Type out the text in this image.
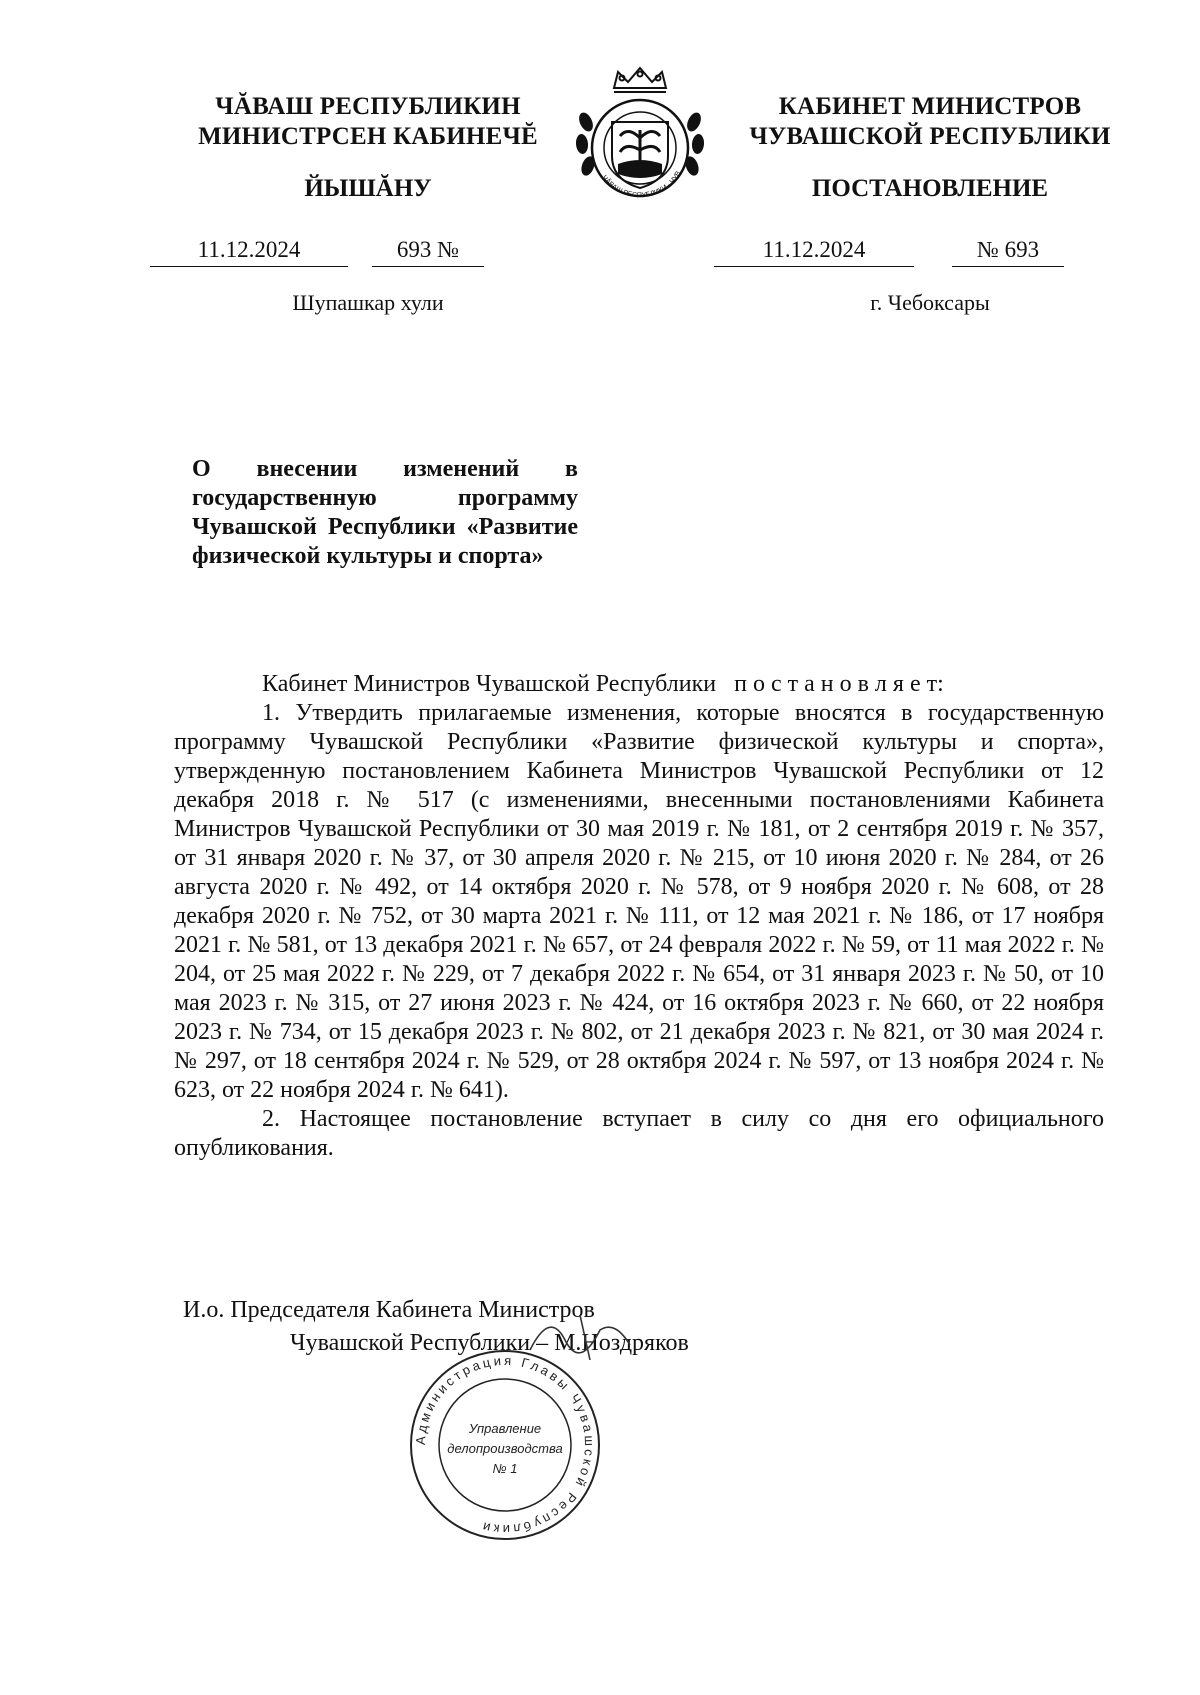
ЧĂВАШ РЕСПУБЛИКИН
МИНИСТРСЕН КАБИНЕЧĔ
ЙЫШĂНУ
11.12.2024	693 №
Шупашкар хули
ЧĂВАШ РЕСПУБЛИКИ · ЧУВ
КАБИНЕТ МИНИСТРОВ
ЧУВАШСКОЙ РЕСПУБЛИКИ
ПОСТАНОВЛЕНИЕ
11.12.2024	№ 693
г. Чебоксары
О внесении изменений в государственную программу Чувашской Республики «Развитие физической культуры и спорта»

Кабинет Министров Чувашской Республики п о с т а н о в л я е т:

1. Утвердить прилагаемые изменения, которые вносятся в государственную программу Чувашской Республики «Развитие физической культуры и спорта», утвержденную постановлением Кабинета Министров Чувашской Республики от 12 декабря 2018 г. № 517 (с изменениями, внесенными постановлениями Кабинета Министров Чувашской Республики от 30 мая 2019 г. № 181, от 2 сентября 2019 г. № 357, от 31 января 2020 г. № 37, от 30 апреля 2020 г. № 215, от 10 июня 2020 г. № 284, от 26 августа 2020 г. № 492, от 14 октября 2020 г. № 578, от 9 ноября 2020 г. № 608, от 28 декабря 2020 г. № 752, от 30 марта 2021 г. № 111, от 12 мая 2021 г. № 186, от 17 ноября 2021 г. № 581, от 13 декабря 2021 г. № 657, от 24 февраля 2022 г. № 59, от 11 мая 2022 г. № 204, от 25 мая 2022 г. № 229, от 7 декабря 2022 г. № 654, от 31 января 2023 г. № 50, от 10 мая 2023 г. № 315, от 27 июня 2023 г. № 424, от 16 октября 2023 г. № 660, от 22 ноября 2023 г. № 734, от 15 декабря 2023 г. № 802, от 21 декабря 2023 г. № 821, от 30 мая 2024 г. № 297, от 18 сентября 2024 г. № 529, от 28 октября 2024 г. № 597, от 13 ноября 2024 г. № 623, от 22 ноября 2024 г. № 641).

2. Настоящее постановление вступает в силу со дня его официального опубликования.

И.о. Председателя Кабинета Министров
Чувашской Республики – М.Ноздряков
Администрация Главы Чувашской Республики
Управление
делопроизводства
№ 1
